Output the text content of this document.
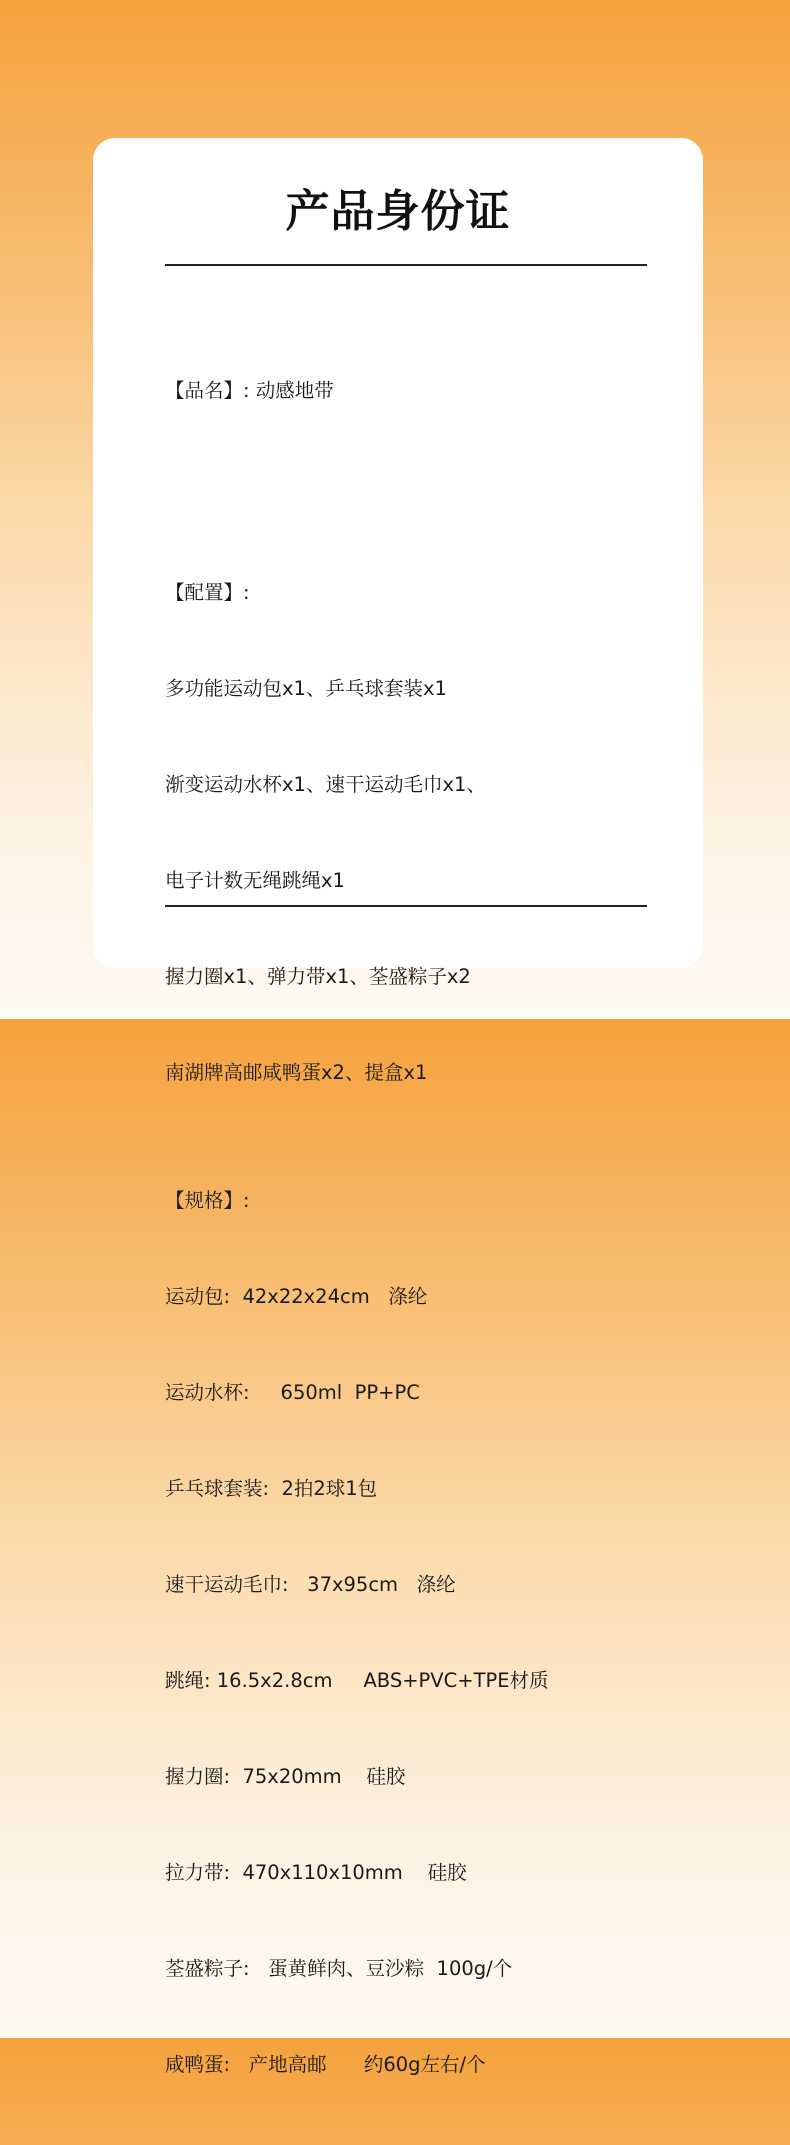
产品身份证

【品名】: 动感地带

【配置】:

多功能运动包x1、乒乓球套装x1

渐变运动水杯x1、速干运动毛巾x1、

电子计数无绳跳绳x1

握力圈x1、弹力带x1、荃盛粽子x2

南湖牌高邮咸鸭蛋x2、提盒x1

【规格】:

运动包:  42x22x24cm   涤纶

运动水杯:     650ml  PP+PC

乒乓球套装:  2拍2球1包

速干运动毛巾:   37x95cm   涤纶

跳绳: 16.5x2.8cm     ABS+PVC+TPE材质

握力圈:  75x20mm    硅胶

拉力带:  470x110x10mm    硅胶

荃盛粽子:   蛋黄鲜肉、豆沙粽  100g/个

咸鸭蛋:   产地高邮      约60g左右/个
